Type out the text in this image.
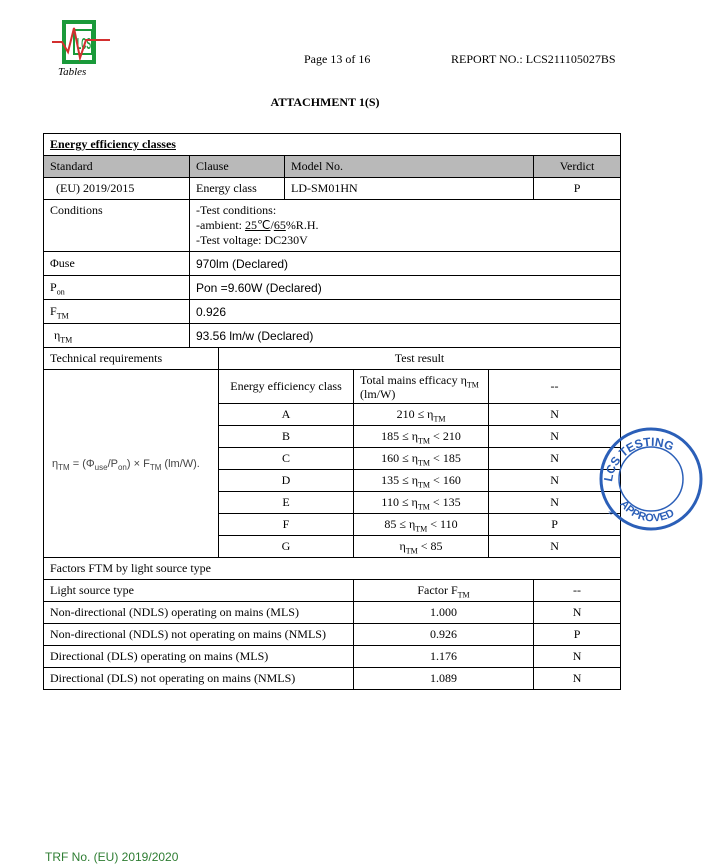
LCS
Tables
Page 13 of 16	REPORT NO.: LCS211105027BS
ATTACHMENT 1(S)
Energy efficiency classes						
Standard	Clause		Model No.			Verdict
(EU) 2019/2015	Energy class		LD-SM01HN			P
Conditions	-Test conditions:
-ambient: 25℃/65%R.H.
-Test voltage: DC230V					

Φuse	970lm (Declared)					
$P_{on}$	Pon =9.60W (Declared)					
$F_{TM}$	0.926					
$\eta_{TM}$	93.56 lm/w (Declared)					
Technical requirements		Test result				
$\eta_{TM} = (\Phi_{use}/P_{on}) \times F_{TM}$ (lm/W).		Energy efficiency class		Total mains efficacy $\eta_{TM}$
(lm/W)	--	
		A		$210 \le \eta_{TM}$	N	
		B		$185 \le \eta_{TM} < 210$	N	
		C		$160 \le \eta_{TM} < 185$	N	
		D		$135 \le \eta_{TM} < 160$	N	
		E		$110 \le \eta_{TM} < 135$	N	
		F		$85 \le \eta_{TM} < 110$	P	
		G		$\eta_{TM} < 85$	N	
Factors FTM by light source type						
Light source type				Factor $F_{TM}$		--
Non-directional (NDLS) operating on mains (MLS)				1.000		N
Non-directional (NDLS) not operating on mains (NMLS)				0.926		P
Directional (DLS) operating on mains (MLS)				1.176		N
Directional (DLS) not operating on mains (NMLS)				1.089		N
LCS TESTING
APPROVED
*
TRF No. (EU) 2019/2020
